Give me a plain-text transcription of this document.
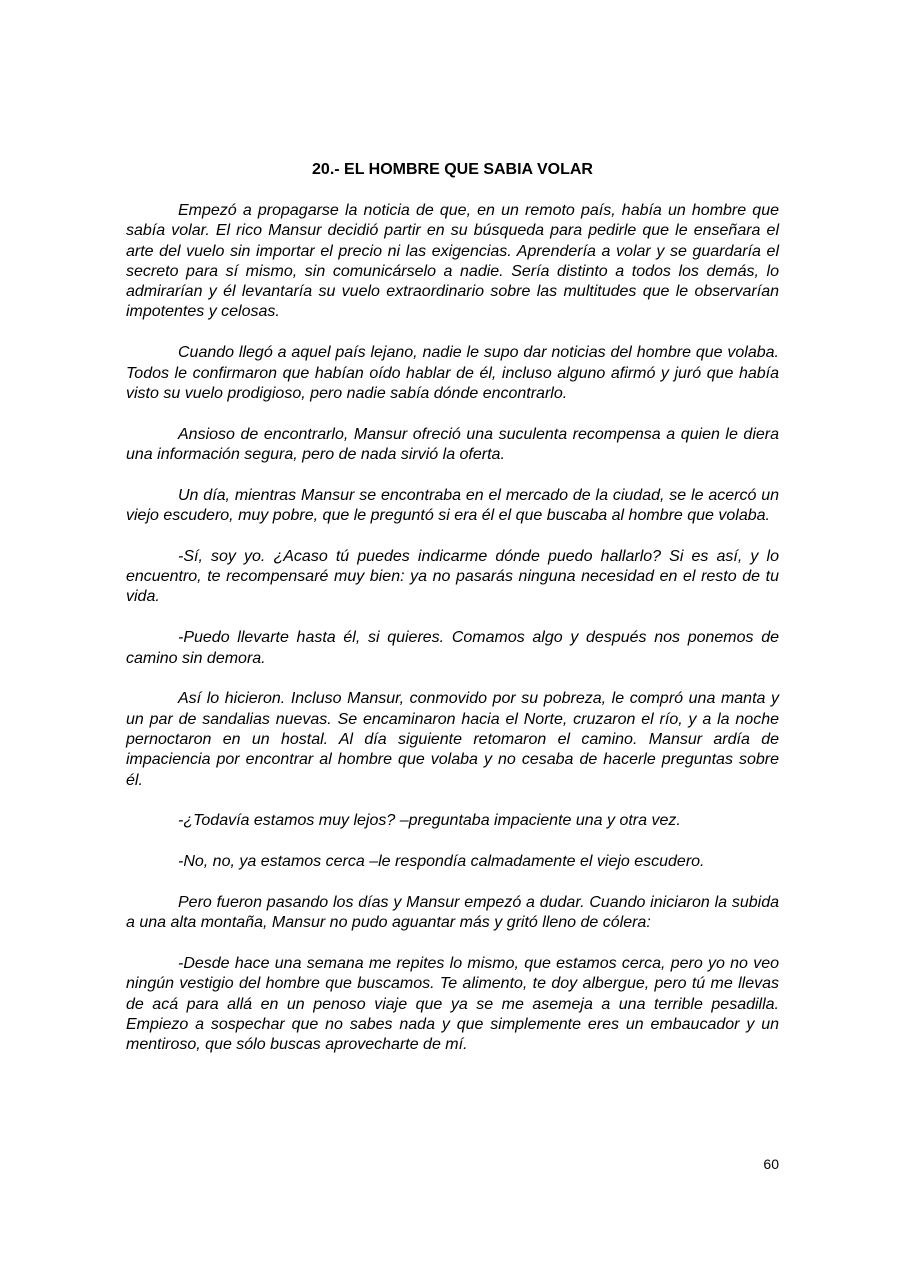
20.- EL HOMBRE QUE SABIA VOLAR

Empezó a propagarse la noticia de que, en un remoto país, había un hombre que sabía volar. El rico Mansur decidió partir en su búsqueda para pedirle que le enseñara el arte del vuelo sin importar el precio ni las exigencias. Aprendería a volar y se guardaría el secreto para sí mismo, sin comunicárselo a nadie. Sería distinto a todos los demás, lo admirarían y él levantaría su vuelo extraordinario sobre las multitudes que le observarían impotentes y celosas.

Cuando llegó a aquel país lejano, nadie le supo dar noticias del hombre que volaba. Todos le confirmaron que habían oído hablar de él, incluso alguno afirmó y juró que había visto su vuelo prodigioso, pero nadie sabía dónde encontrarlo.

Ansioso de encontrarlo, Mansur ofreció una suculenta recompensa a quien le diera una información segura, pero de nada sirvió la oferta.

Un día, mientras Mansur se encontraba en el mercado de la ciudad, se le acercó un viejo escudero, muy pobre, que le preguntó si era él el que buscaba al hombre que volaba.

-Sí, soy yo. ¿Acaso tú puedes indicarme dónde puedo hallarlo? Si es así, y lo encuentro, te recompensaré muy bien: ya no pasarás ninguna necesidad en el resto de tu vida.

-Puedo llevarte hasta él, si quieres. Comamos algo y después nos ponemos de camino sin demora.

Así lo hicieron. Incluso Mansur, conmovido por su pobreza, le compró una manta y un par de sandalias nuevas. Se encaminaron hacia el Norte, cruzaron el río, y a la noche pernoctaron en un hostal. Al día siguiente retomaron el camino. Mansur ardía de impaciencia por encontrar al hombre que volaba y no cesaba de hacerle preguntas sobre él.

-¿Todavía estamos muy lejos? –preguntaba impaciente una y otra vez.

-No, no, ya estamos cerca –le respondía calmadamente el viejo escudero.

Pero fueron pasando los días y Mansur empezó a dudar. Cuando iniciaron la subida a una alta montaña, Mansur no pudo aguantar más y gritó lleno de cólera:

-Desde hace una semana me repites lo mismo, que estamos cerca, pero yo no veo ningún vestigio del hombre que buscamos. Te alimento, te doy albergue, pero tú me llevas de acá para allá en un penoso viaje que ya se me asemeja a una terrible pesadilla. Empiezo a sospechar que no sabes nada y que simplemente eres un embaucador y un mentiroso, que sólo buscas aprovecharte de mí.

60
